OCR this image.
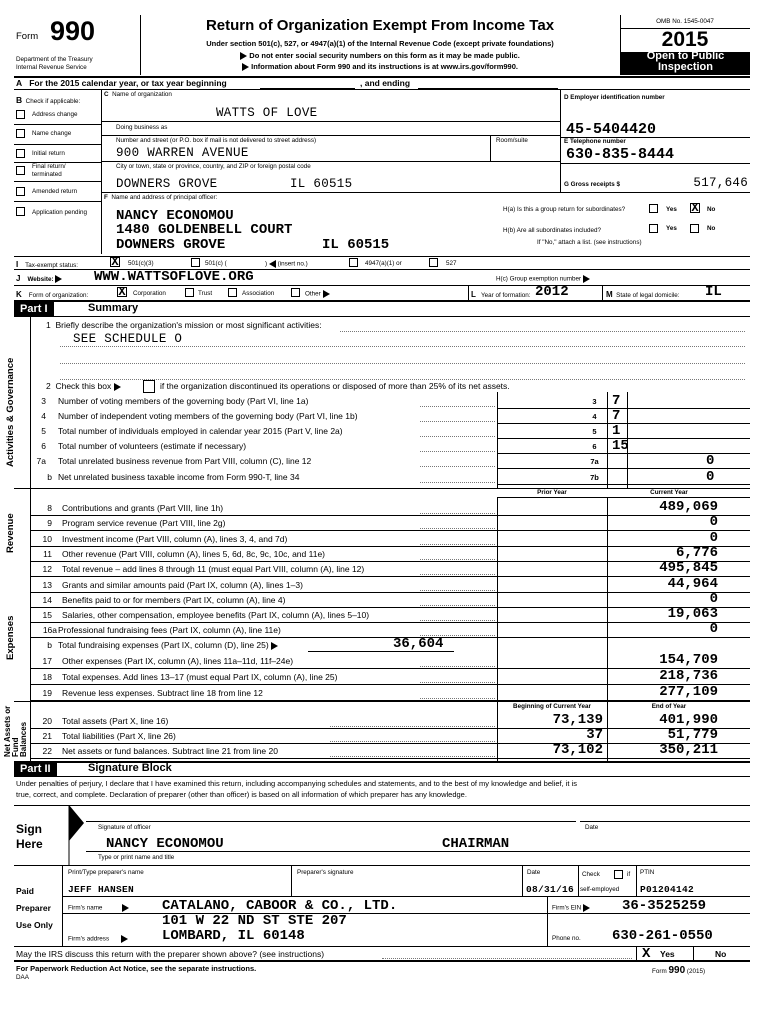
Form 990
Department of the Treasury
Internal Revenue Service
Return of Organization Exempt From Income Tax
Under section 501(c), 527, or 4947(a)(1) of the Internal Revenue Code (except private foundations)
Do not enter social security numbers on this form as it may be made public.
Information about Form 990 and its instructions is at www.irs.gov/form990.
OMB No. 1545-0047
2015
Open to Public
Inspection
A For the 2015 calendar year, or tax year beginning	, and ending
B Check if applicable:
Address change
Name change
Initial return
Final return/ terminated
Amended return
Application pending
C Name of organization
WATTS OF LOVE
Doing business as
Number and street (or P.O. box if mail is not delivered to street address)	Room/suite
900 WARREN AVENUE
City or town, state or province, country, and ZIP or foreign postal code
DOWNERS GROVE	IL 60515
D Employer identification number
45-5404420
E Telephone number
630-835-8444
G Gross receipts $	517,646
F Name and address of principal officer:
NANCY ECONOMOU
1480 GOLDENBELL COURT
DOWNERS GROVE	IL 60515
H(a) Is this a group return for subordinates?	Yes X No
H(b) Are all subordinates included?	Yes	No
If "No," attach a list. (see instructions)
I Tax-exempt status:	X 501(c)(3)	501(c) (	) (insert no.)	4947(a)(1) or	527
J Website:	WWW.WATTSOFLOVE.ORG	H(c) Group exemption number
K Form of organization:	X Corporation	Trust	Association	Other	L Year of formation: 2012	M State of legal domicile: IL
Part I	Summary
Activities & Governance
Revenue
Expenses
Net Assets or Fund Balances
1 Briefly describe the organization's mission or most significant activities:
SEE SCHEDULE O
2 Check this box	if the organization discontinued its operations or disposed of more than 25% of its net assets.
3 Number of voting members of the governing body (Part VI, line 1a)	3	7
4 Number of independent voting members of the governing body (Part VI, line 1b)	4	7
5 Total number of individuals employed in calendar year 2015 (Part V, line 2a)	5	1
6 Total number of volunteers (estimate if necessary)	6	15
7a Total unrelated business revenue from Part VIII, column (C), line 12	7a	0
b Net unrelated business taxable income from Form 990-T, line 34	7b	0
Prior Year	Current Year
8 Contributions and grants (Part VIII, line 1h)	489,069
9 Program service revenue (Part VIII, line 2g)	0
10 Investment income (Part VIII, column (A), lines 3, 4, and 7d)	0
11 Other revenue (Part VIII, column (A), lines 5, 6d, 8c, 9c, 10c, and 11e)	6,776
12 Total revenue – add lines 8 through 11 (must equal Part VIII, column (A), line 12)	495,845
13 Grants and similar amounts paid (Part IX, column (A), lines 1–3)	44,964
14 Benefits paid to or for members (Part IX, column (A), line 4)	0
15 Salaries, other compensation, employee benefits (Part IX, column (A), lines 5–10)	19,063
16a Professional fundraising fees (Part IX, column (A), line 11e)	0
b Total fundraising expenses (Part IX, column (D), line 25)	36,604
17 Other expenses (Part IX, column (A), lines 11a–11d, 11f–24e)	154,709
18 Total expenses. Add lines 13–17 (must equal Part IX, column (A), line 25)	218,736
19 Revenue less expenses. Subtract line 18 from line 12	277,109
Beginning of Current Year	End of Year
20 Total assets (Part X, line 16)	73,139	401,990
21 Total liabilities (Part X, line 26)	37	51,779
22 Net assets or fund balances. Subtract line 21 from line 20	73,102	350,211
Part II	Signature Block
Under penalties of perjury, I declare that I have examined this return, including accompanying schedules and statements, and to the best of my knowledge and belief, it is
true, correct, and complete. Declaration of preparer (other than officer) is based on all information of which preparer has any knowledge.
Sign
Here
Signature of officer	Date
NANCY ECONOMOU	CHAIRMAN
Type or print name and title
Paid
Preparer
Use Only
Print/Type preparer's name	Preparer's signature	Date	Check	if
self-employed
PTIN
JEFF HANSEN	08/31/16	P01204142
Firm's name	CATALANO, CABOOR & CO., LTD.	Firm's EIN	36-3525259
101 W 22 ND ST STE 207
Firm's address	LOMBARD, IL 60148	Phone no. 630-261-0550
May the IRS discuss this return with the preparer shown above? (see instructions)	X Yes	No
For Paperwork Reduction Act Notice, see the separate instructions.
DAA
Form 990 (2015)
